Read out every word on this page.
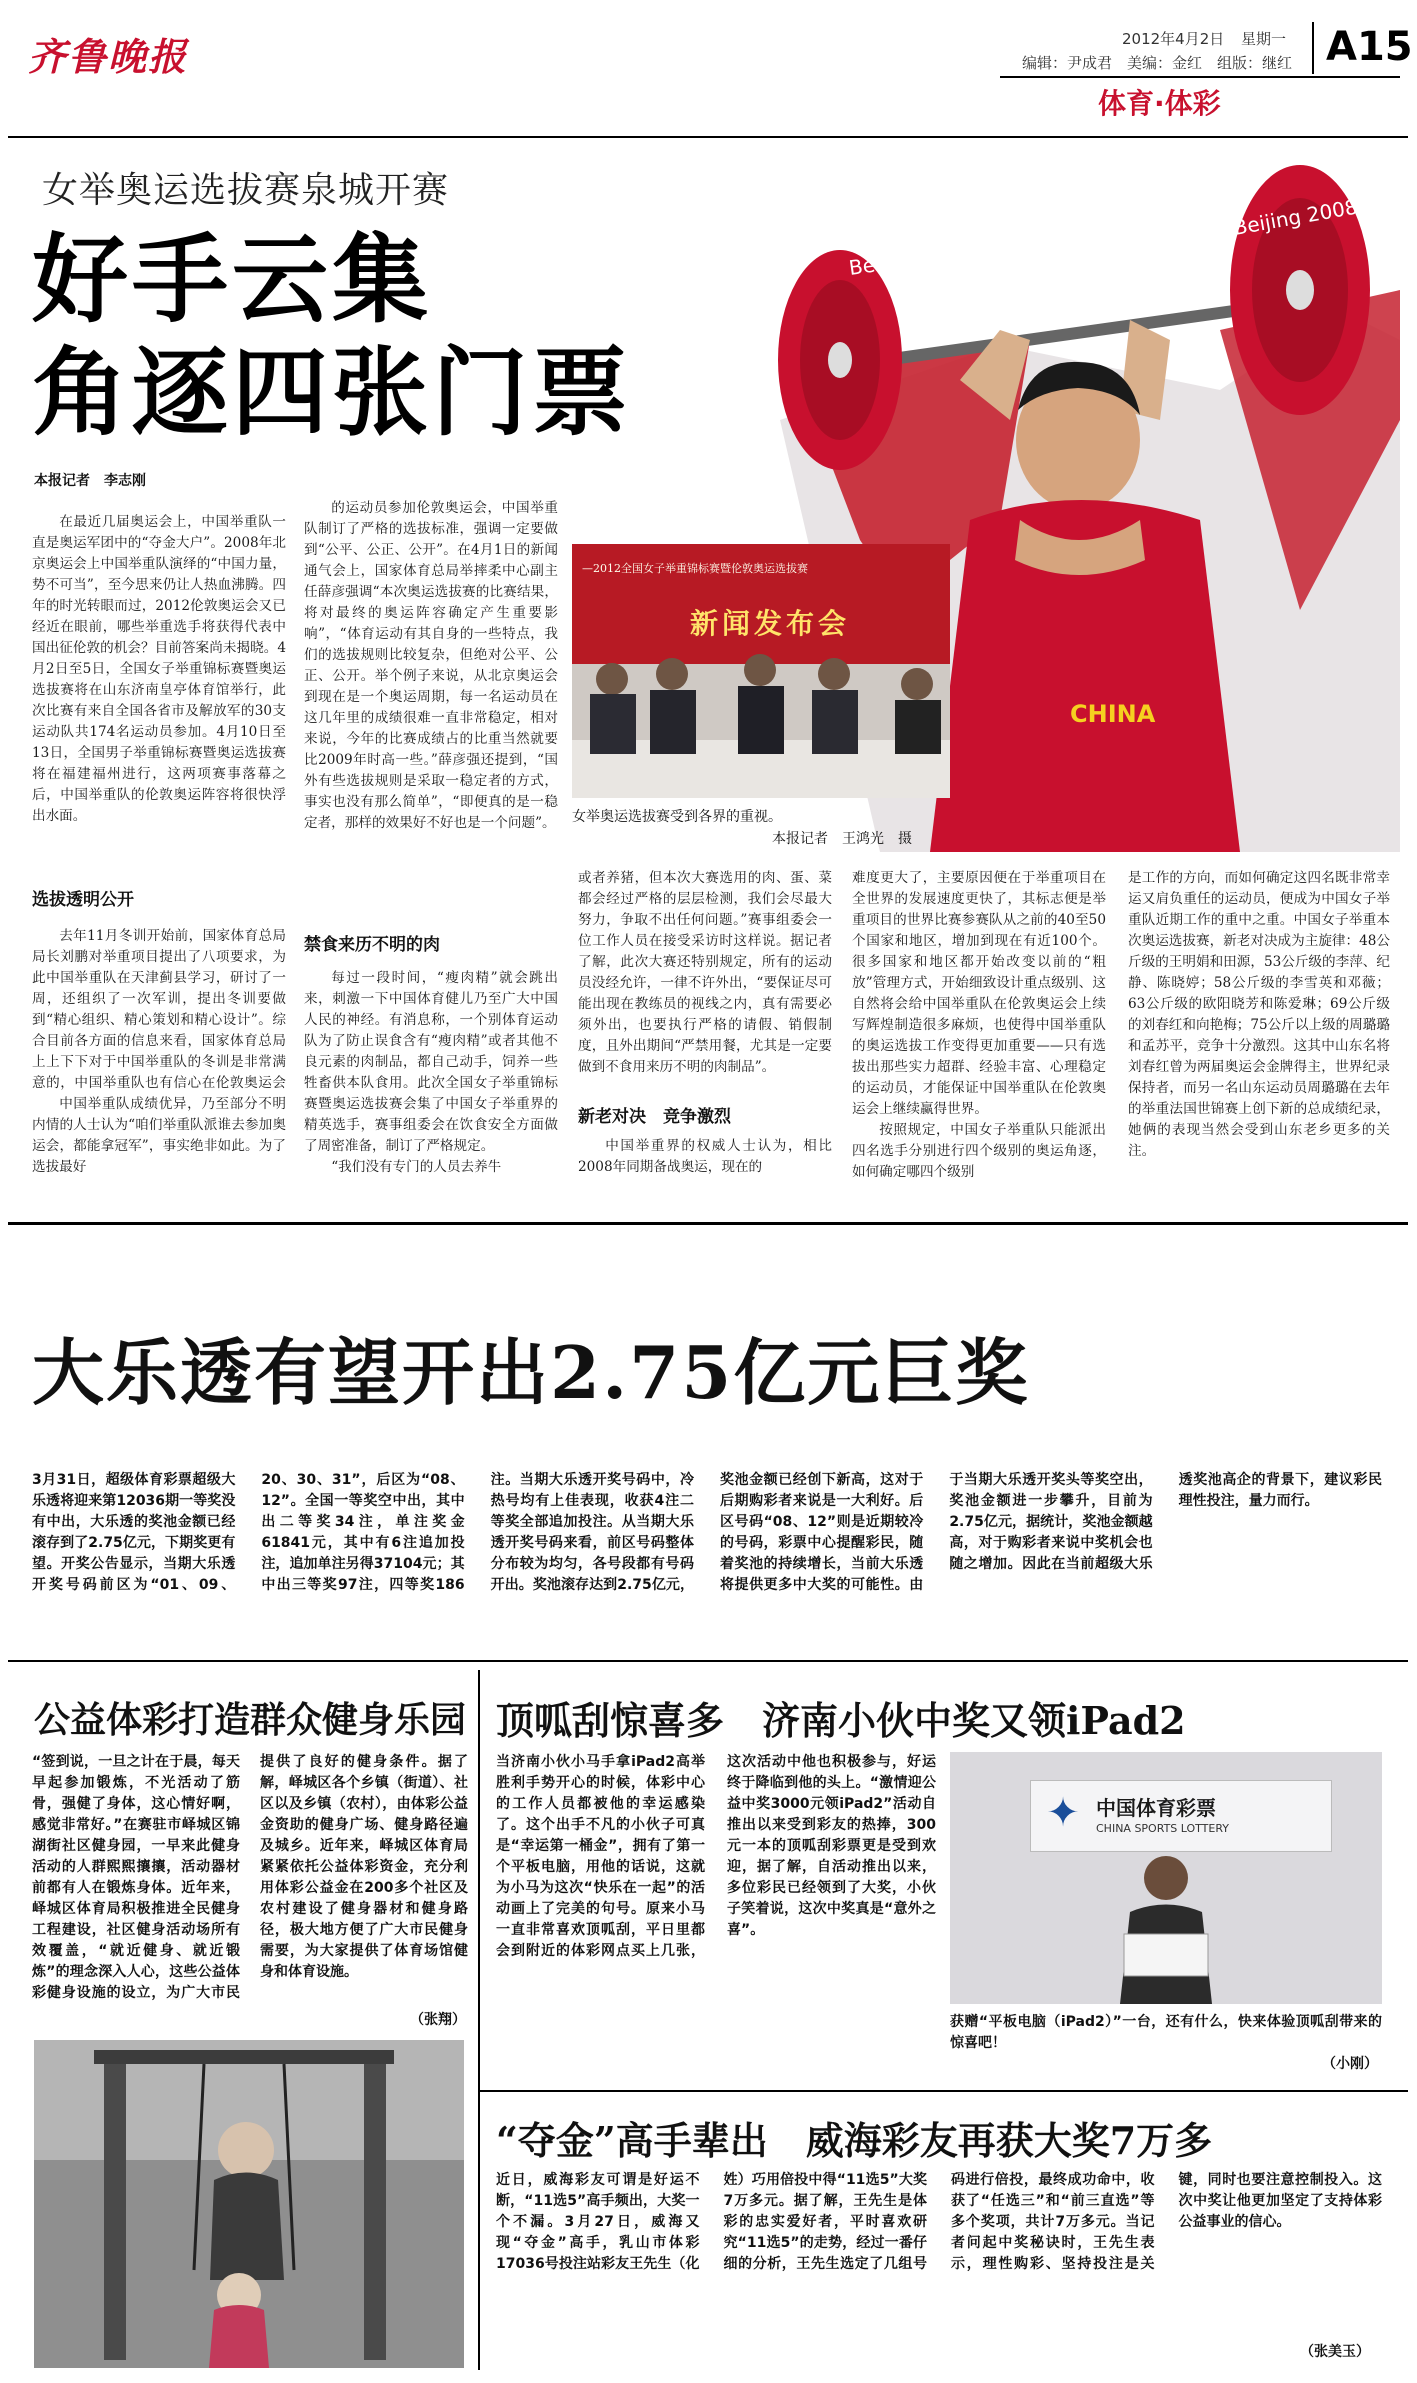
齐鲁晚报	2012年4月2日 星期一
编辑：尹成君　美编：金红　组版：继红 A15
体育·体彩
女举奥运选拔赛泉城开赛
好手云集
角逐四张门票
本报记者　李志刚
Beijing 2008
Beijing 2008
CHINA
—2012全国女子举重锦标赛暨伦敦奥运选拔赛
新闻发布会
女举奥运选拔赛受到各界的重视。
本报记者　王鸿光　摄
在最近几届奥运会上，中国举重队一直是奥运军团中的“夺金大户”。2008年北京奥运会上中国举重队演绎的“中国力量，势不可当”，至今思来仍让人热血沸腾。四年的时光转眼而过，2012伦敦奥运会又已经近在眼前，哪些举重选手将获得代表中国出征伦敦的机会？目前答案尚未揭晓。4月2日至5日，全国女子举重锦标赛暨奥运选拔赛将在山东济南皇亭体育馆举行，此次比赛有来自全国各省市及解放军的30支运动队共174名运动员参加。4月10日至13日，全国男子举重锦标赛暨奥运选拔赛将在福建福州进行，这两项赛事落幕之后，中国举重队的伦敦奥运阵容将很快浮出水面。
选拔透明公开
去年11月冬训开始前，国家体育总局局长刘鹏对举重项目提出了八项要求，为此中国举重队在天津蓟县学习，研讨了一周，还组织了一次军训，提出冬训要做到“精心组织、精心策划和精心设计”。综合目前各方面的信息来看，国家体育总局上上下下对于中国举重队的冬训是非常满意的，中国举重队也有信心在伦敦奥运会
中国举重队成绩优异，乃至部分不明内情的人士认为“咱们举重队派谁去参加奥运会，都能拿冠军”，事实绝非如此。为了选拔最好
的运动员参加伦敦奥运会，中国举重队制订了严格的选拔标准，强调一定要做到“公平、公正、公开”。在4月1日的新闻通气会上，国家体育总局举摔柔中心副主任薛彦强调“本次奥运选拔赛的比赛结果，将对最终的奥运阵容确定产生重要影响”，“体育运动有其自身的一些特点，我们的选拔规则比较复杂，但绝对公平、公正、公开。举个例子来说，从北京奥运会到现在是一个奥运周期，每一名运动员在这几年里的成绩很难一直非常稳定，相对来说，今年的比赛成绩占的比重当然就要比2009年时高一些。”薛彦强还提到，“国外有些选拔规则是采取一稳定者的方式，事实也没有那么简单”，“即便真的是一稳定者，那样的效果好不好也是一个问题”。
禁食来历不明的肉
每过一段时间，“瘦肉精”就会跳出来，刺激一下中国体育健儿乃至广大中国人民的神经。有消息称，一个别体育运动队为了防止误食含有“瘦肉精”或者其他不良元素的肉制品，都自己动手，饲养一些牲畜供本队食用。此次全国女子举重锦标赛暨奥运选拔赛会集了中国女子举重界的精英选手，赛事组委会在饮食安全方面做了周密准备，制订了严格规定。
“我们没有专门的人员去养牛
或者养猪，但本次大赛选用的肉、蛋、菜都会经过严格的层层检测，我们会尽最大努力，争取不出任何问题。”赛事组委会一位工作人员在接受采访时这样说。据记者了解，此次大赛还特别规定，所有的运动员没经允许，一律不许外出，“要保证尽可能出现在教练员的视线之内，真有需要必须外出，也要执行严格的请假、销假制度，且外出期间“严禁用餐，尤其是一定要做到不食用来历不明的肉制品”。
新老对决　竞争激烈
中国举重界的权威人士认为，相比2008年同期备战奥运，现在的
难度更大了，主要原因便在于举重项目在全世界的发展速度更快了，其标志便是举重项目的世界比赛参赛队从之前的40至50个国家和地区，增加到现在有近100个。很多国家和地区都开始改变以前的“粗放”管理方式，开始细致设计重点级别、这自然将会给中国举重队在伦敦奥运会上续写辉煌制造很多麻烦，也使得中国举重队的奥运选拔工作变得更加重要——只有选拔出那些实力超群、经验丰富、心理稳定的运动员，才能保证中国举重队在伦敦奥运会上继续赢得世界。
按照规定，中国女子举重队只能派出四名选手分别进行四个级别的奥运角逐，如何确定哪四个级别
是工作的方向，而如何确定这四名既非常幸运又肩负重任的运动员，便成为中国女子举重队近期工作的重中之重。中国女子举重本次奥运选拔赛，新老对决成为主旋律：48公斤级的王明娟和田源，53公斤级的李萍、纪静、陈晓婷；58公斤级的李雪英和邓薇；63公斤级的欧阳晓芳和陈爱琳；69公斤级的刘春红和向艳梅；75公斤以上级的周璐璐和孟苏平，竞争十分激烈。这其中山东名将刘春红曾为两届奥运会金牌得主，世界纪录保持者，而另一名山东运动员周璐璐在去年的举重法国世锦赛上创下新的总成绩纪录，她俩的表现当然会受到山东老乡更多的关注。
大乐透有望开出2.75亿元巨奖
3月31日，超级体育彩票超级大乐透将迎来第12036期一等奖没有中出，大乐透的奖池金额已经滚存到了2.75亿元，下期奖更有望。开奖公告显示，当期大乐透开奖号码前区为“01、09、20、30、31”，后区为“08、12”。全国一等奖空中出，其中出二等奖34注，单注奖金61841元，其中有6注追加投注，追加单注另得37104元；其中出三等奖97注，四等奖186注。当期大乐透开奖号码中，冷热号均有上佳表现，收获4注二等奖全部追加投注。从当期大乐透开奖号码来看，前区号码整体分布较为均匀，各号段都有号码开出。奖池滚存达到2.75亿元，奖池金额已经创下新高，这对于后期购彩者来说是一大利好。后区号码“08、12”则是近期较冷的号码，彩票中心提醒彩民，随着奖池的持续增长，当前大乐透将提供更多中大奖的可能性。由于当期大乐透开奖头等奖空出，奖池金额进一步攀升，目前为2.75亿元，据统计，奖池金额越高，对于购彩者来说中奖机会也随之增加。因此在当前超级大乐透奖池高企的背景下，建议彩民理性投注，量力而行。
公益体彩打造群众健身乐园
“签到说，一旦之计在于晨，每天早起参加锻炼，不光活动了筋骨，强健了身体，这心情好啊，感觉非常好。”在赛驻市峄城区锦湖街社区健身园，一早来此健身活动的人群熙熙攘攘，活动器材前都有人在锻炼身体。近年来，峄城区体育局积极推进全民健身工程建设，社区健身活动场所有效覆盖，“就近健身、就近锻炼”的理念深入人心，这些公益体彩健身设施的设立，为广大市民提供了良好的健身条件。据了解，峄城区各个乡镇（街道）、社区以及乡镇（农村），由体彩公益金资助的健身广场、健身路径遍及城乡。近年来，峄城区体育局紧紧依托公益体彩资金，充分利用体彩公益金在200多个社区及农村建设了健身器材和健身路径，极大地方便了广大市民健身需要，为大家提供了体育场馆健身和体育设施。
（张翔）
顶呱刮惊喜多　济南小伙中奖又领iPad2
当济南小伙小马手拿iPad2高举胜利手势开心的时候，体彩中心的工作人员都被他的幸运感染了。这个出手不凡的小伙子可真是“幸运第一桶金”，拥有了第一个平板电脑，用他的话说，这就为小马为这次“快乐在一起”的活动画上了完美的句号。原来小马一直非常喜欢顶呱刮，平日里都会到附近的体彩网点买上几张，这次活动中他也积极参与，好运终于降临到他的头上。“激情迎公益中奖3000元领iPad2”活动自推出以来受到彩友的热捧，300元一本的顶呱刮彩票更是受到欢迎，据了解，自活动推出以来，多位彩民已经领到了大奖，小伙子笑着说，这次中奖真是“意外之喜”。
✦ 中国体育彩票
CHINA SPORTS LOTTERY
获赠“平板电脑（iPad2）”一台，还有什么，快来体验顶呱刮带来的惊喜吧！
（小刚）
“夺金”高手辈出　威海彩友再获大奖7万多
近日，威海彩友可谓是好运不断，“11选5”高手频出，大奖一个不漏。3月27日，威海又现“夺金”高手，乳山市体彩17036号投注站彩友王先生（化姓）巧用倍投中得“11选5”大奖7万多元。据了解，王先生是体彩的忠实爱好者，平时喜欢研究“11选5”的走势，经过一番仔细的分析，王先生选定了几组号码进行倍投，最终成功命中，收获了“任选三”和“前三直选”等多个奖项，共计7万多元。当记者问起中奖秘诀时，王先生表示，理性购彩、坚持投注是关键，同时也要注意控制投入。这次中奖让他更加坚定了支持体彩公益事业的信心。
（张美玉）
